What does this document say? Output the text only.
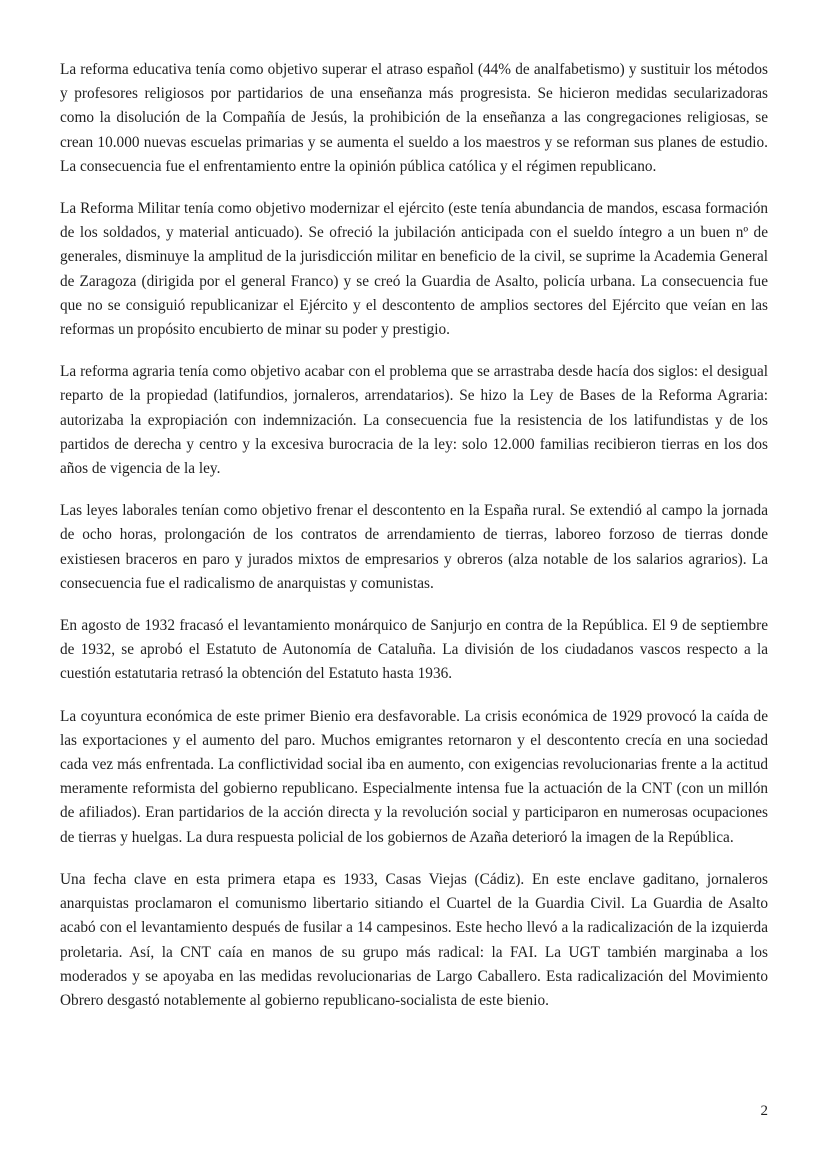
La reforma educativa tenía como objetivo superar el atraso español (44% de analfabetismo) y sustituir los métodos y profesores religiosos por partidarios de una enseñanza más progresista. Se hicieron medidas secularizadoras como la disolución de la Compañía de Jesús, la prohibición de la enseñanza a las congregaciones religiosas, se crean 10.000 nuevas escuelas primarias y se aumenta el sueldo a los maestros y se reforman sus planes de estudio. La consecuencia fue el enfrentamiento entre la opinión pública católica y el régimen republicano.

La Reforma Militar tenía como objetivo modernizar el ejército (este tenía abundancia de mandos, escasa formación de los soldados, y material anticuado). Se ofreció la jubilación anticipada con el sueldo íntegro a un buen nº de generales, disminuye la amplitud de la jurisdicción militar en beneficio de la civil, se suprime la Academia General de Zaragoza (dirigida por el general Franco) y se creó la Guardia de Asalto, policía urbana. La consecuencia fue que no se consiguió republicanizar el Ejército y el descontento de amplios sectores del Ejército que veían en las reformas un propósito encubierto de minar su poder y prestigio.

La reforma agraria tenía como objetivo acabar con el problema que se arrastraba desde hacía dos siglos: el desigual reparto de la propiedad (latifundios, jornaleros, arrendatarios). Se hizo la Ley de Bases de la Reforma Agraria: autorizaba la expropiación con indemnización. La consecuencia fue la resistencia de los latifundistas y de los partidos de derecha y centro y la excesiva burocracia de la ley: solo 12.000 familias recibieron tierras en los dos años de vigencia de la ley.

Las leyes laborales tenían como objetivo frenar el descontento en la España rural. Se extendió al campo la jornada de ocho horas, prolongación de los contratos de arrendamiento de tierras, laboreo forzoso de tierras donde existiesen braceros en paro y jurados mixtos de empresarios y obreros (alza notable de los salarios agrarios). La consecuencia fue el radicalismo de anarquistas y comunistas.

En agosto de 1932 fracasó el levantamiento monárquico de Sanjurjo en contra de la República. El 9 de septiembre de 1932, se aprobó el Estatuto de Autonomía de Cataluña. La división de los ciudadanos vascos respecto a la cuestión estatutaria retrasó la obtención del Estatuto hasta 1936.

La coyuntura económica de este primer Bienio era desfavorable. La crisis económica de 1929 provocó la caída de las exportaciones y el aumento del paro. Muchos emigrantes retornaron y el descontento crecía en una sociedad cada vez más enfrentada. La conflictividad social iba en aumento, con exigencias revolucionarias frente a la actitud meramente reformista del gobierno republicano. Especialmente intensa fue la actuación de la CNT (con un millón de afiliados). Eran partidarios de la acción directa y la revolución social y participaron en numerosas ocupaciones de tierras y huelgas. La dura respuesta policial de los gobiernos de Azaña deterioró la imagen de la República.

Una fecha clave en esta primera etapa es 1933, Casas Viejas (Cádiz). En este enclave gaditano, jornaleros anarquistas proclamaron el comunismo libertario sitiando el Cuartel de la Guardia Civil. La Guardia de Asalto acabó con el levantamiento después de fusilar a 14 campesinos. Este hecho llevó a la radicalización de la izquierda proletaria. Así, la CNT caía en manos de su grupo más radical: la FAI. La UGT también marginaba a los moderados y se apoyaba en las medidas revolucionarias de Largo Caballero. Esta radicalización del Movimiento Obrero desgastó notablemente al gobierno republicano-socialista de este bienio.

2
